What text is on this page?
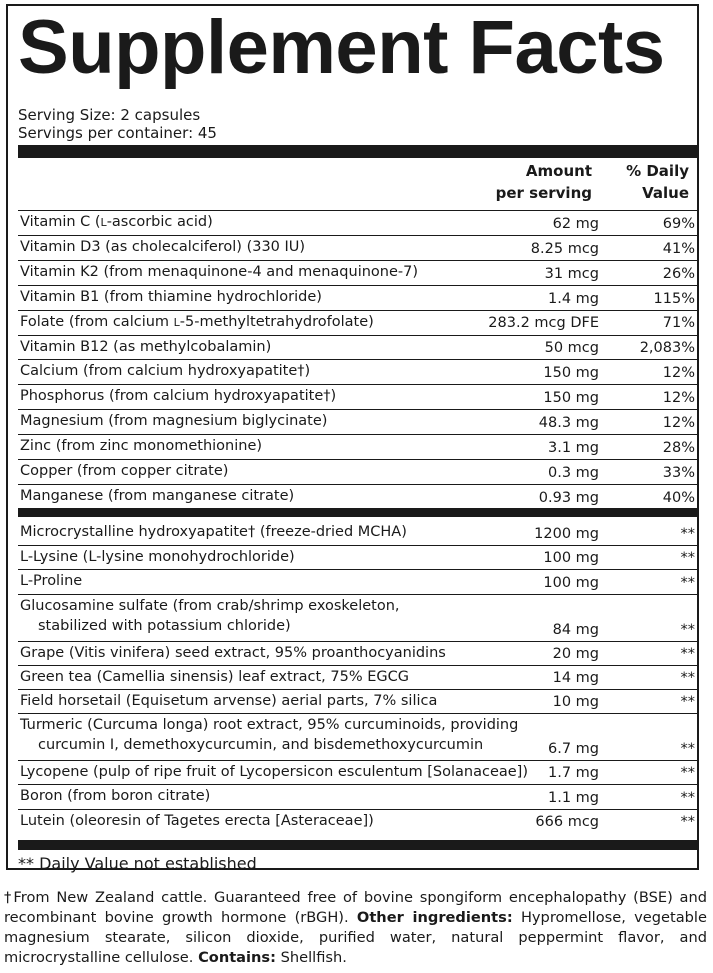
Supplement Facts
Serving Size: 2 capsules
Servings per container: 45
Amount
per serving
% Daily
Value
Vitamin C (L-ascorbic acid)	62 mg	69%
Vitamin D3 (as cholecalciferol) (330 IU)	8.25 mcg	41%
Vitamin K2 (from menaquinone-4 and menaquinone-7)	31 mcg	26%
Vitamin B1 (from thiamine hydrochloride)	1.4 mg	115%
Folate (from calcium L-5-methyltetrahydrofolate)	283.2 mcg DFE	71%
Vitamin B12 (as methylcobalamin)	50 mcg	2,083%
Calcium (from calcium hydroxyapatite†)	150 mg	12%
Phosphorus (from calcium hydroxyapatite†)	150 mg	12%
Magnesium (from magnesium biglycinate)	48.3 mg	12%
Zinc (from zinc monomethionine)	3.1 mg	28%
Copper (from copper citrate)	0.3 mg	33%
Manganese (from manganese citrate)	0.93 mg	40%
Microcrystalline hydroxyapatite† (freeze-dried MCHA)	1200 mg	**
L-Lysine (L-lysine monohydrochloride)	100 mg	**
L-Proline	100 mg	**
Glucosamine sulfate (from crab/shrimp exoskeleton,
stabilized with potassium chloride)	84 mg	**
Grape (Vitis vinifera) seed extract, 95% proanthocyanidins	20 mg	**
Green tea (Camellia sinensis) leaf extract, 75% EGCG	14 mg	**
Field horsetail (Equisetum arvense) aerial parts, 7% silica	10 mg	**
Turmeric (Curcuma longa) root extract, 95% curcuminoids, providing
curcumin I, demethoxycurcumin, and bisdemethoxycurcumin	6.7 mg	**
Lycopene (pulp of ripe fruit of Lycopersicon esculentum [Solanaceae]) 1.7 mg	**
Boron (from boron citrate)	1.1 mg	**
Lutein (oleoresin of Tagetes erecta [Asteraceae])	666 mcg	**
** Daily Value not established
†From New Zealand cattle. Guaranteed free of bovine spongiform encephalopathy (BSE) and recombinant bovine growth hormone (rBGH). Other ingredients: Hypromellose, vegetable magnesium stearate, silicon dioxide, purified water, natural peppermint flavor, and microcrystalline cellulose. Contains: Shellfish.
